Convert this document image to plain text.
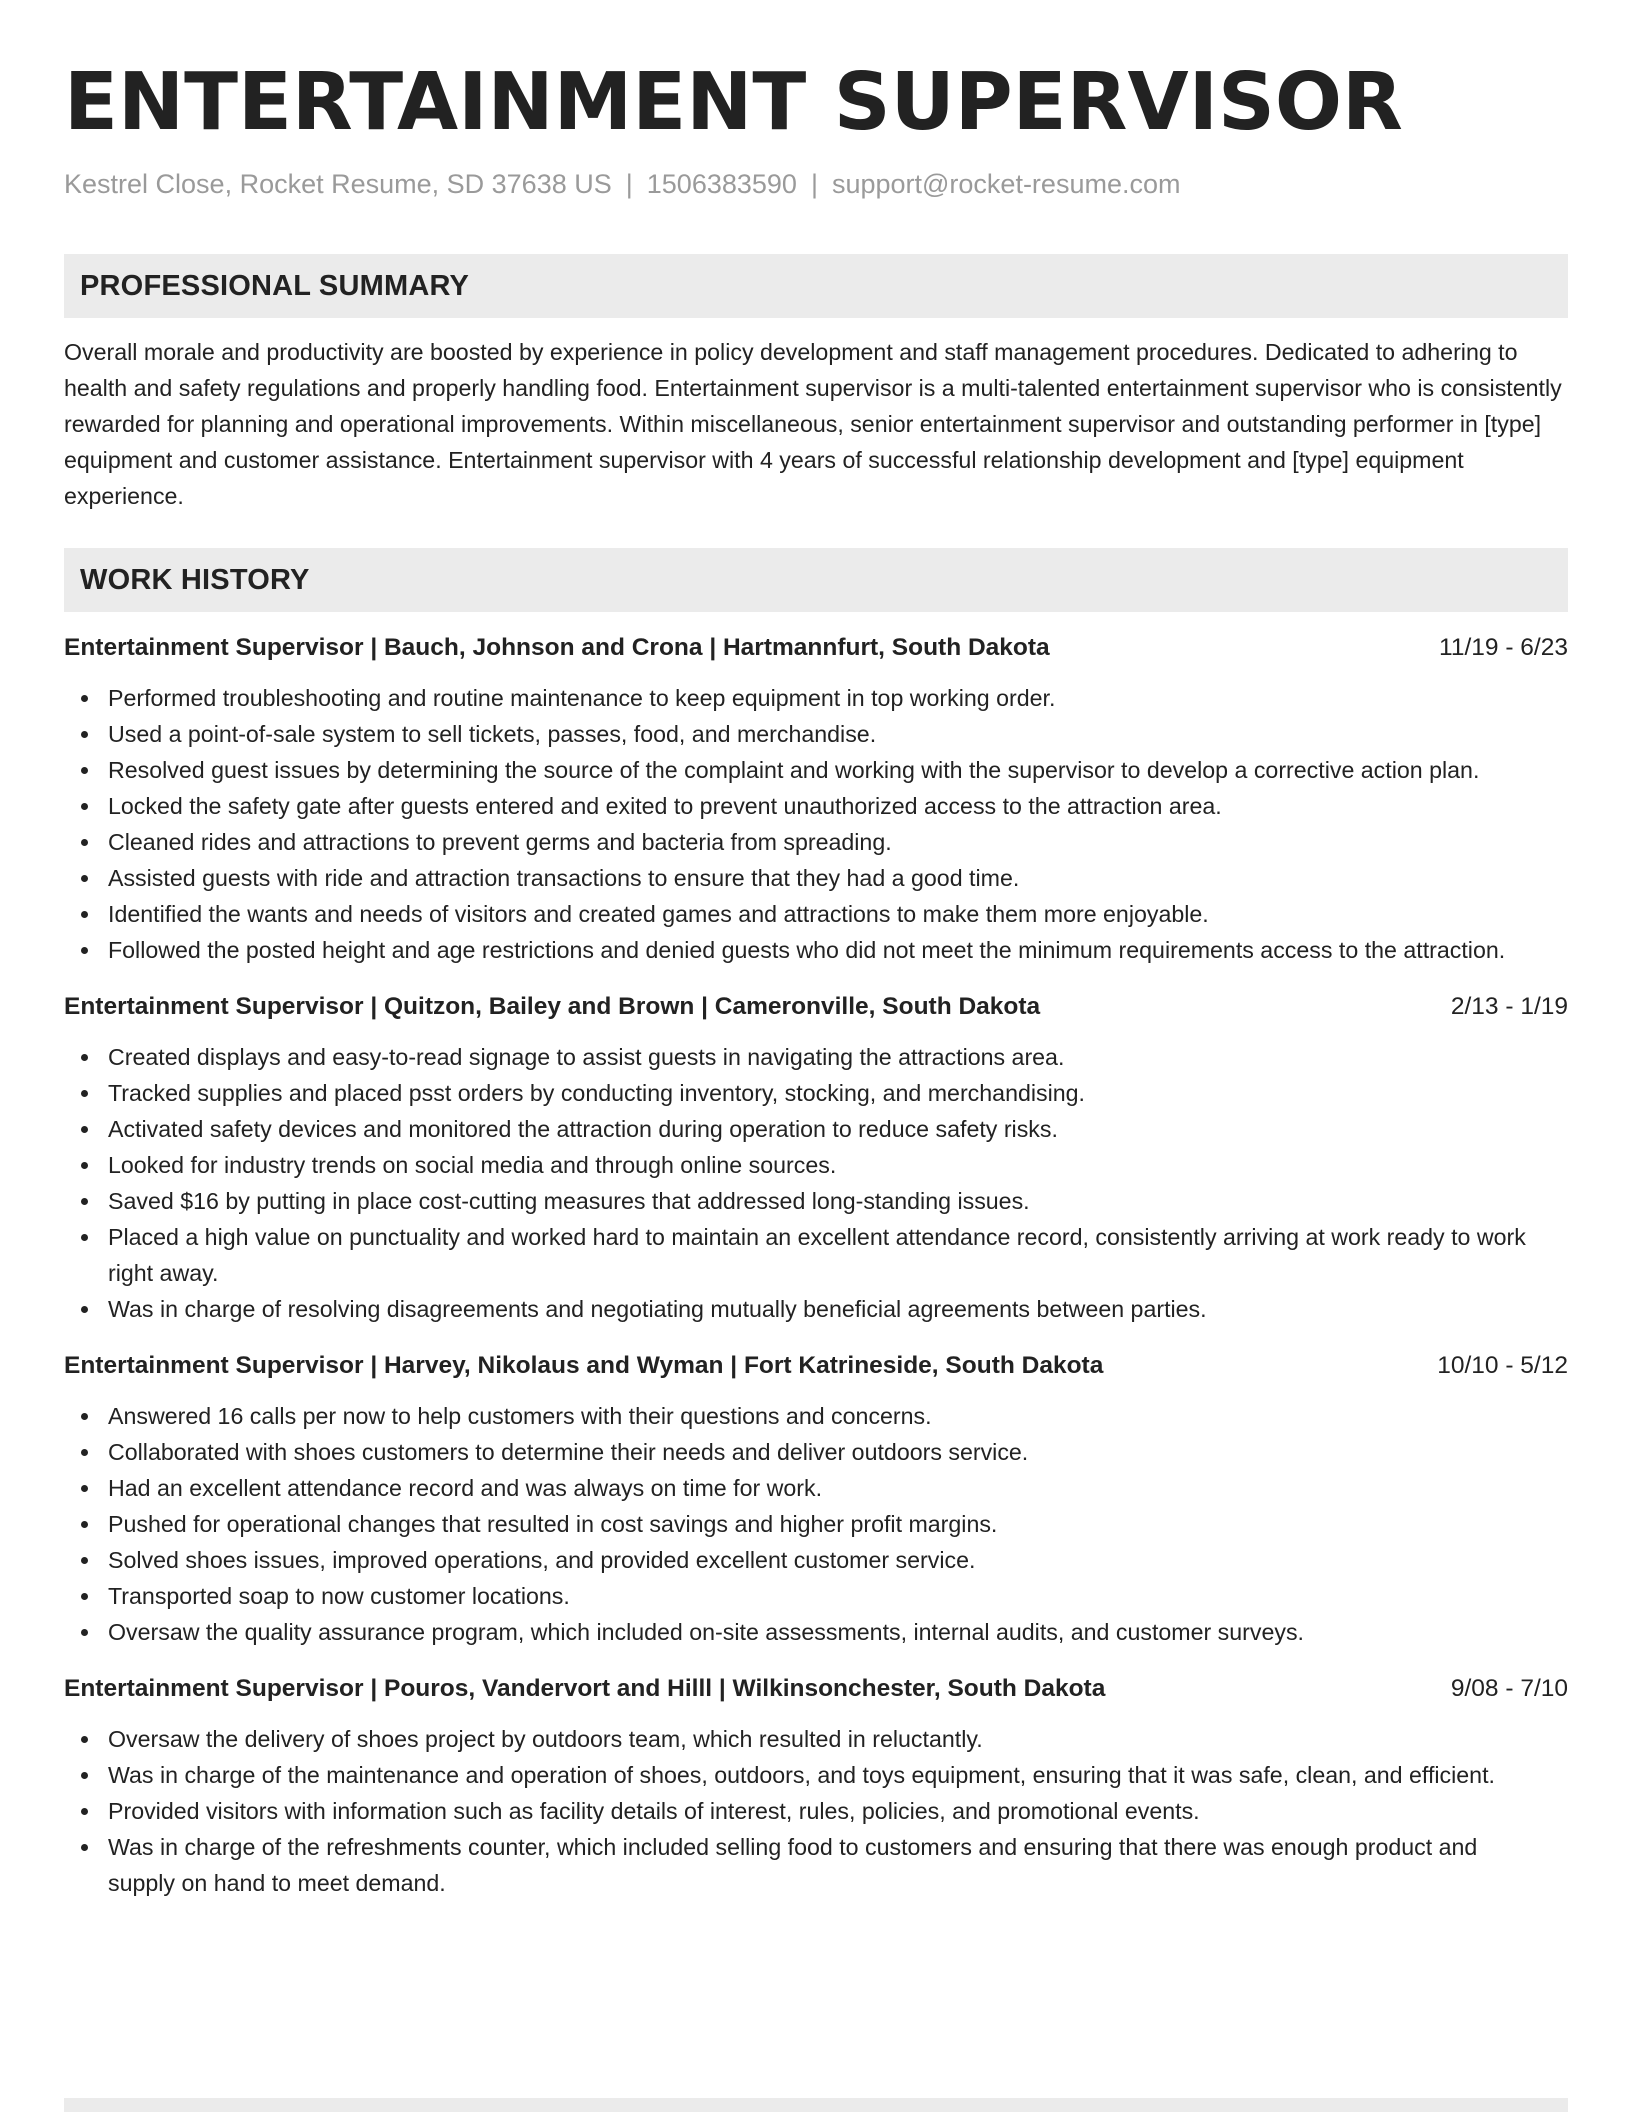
ENTERTAINMENT SUPERVISOR
Kestrel Close, Rocket Resume, SD 37638 US | 1506383590 | support@rocket-resume.com
PROFESSIONAL SUMMARY
Overall morale and productivity are boosted by experience in policy development and staff management procedures. Dedicated to adhering to health and safety regulations and properly handling food. Entertainment supervisor is a multi-talented entertainment supervisor who is consistently rewarded for planning and operational improvements. Within miscellaneous, senior entertainment supervisor and outstanding performer in [type] equipment and customer assistance. Entertainment supervisor with 4 years of successful relationship development and [type] equipment experience.
WORK HISTORY
Entertainment Supervisor | Bauch, Johnson and Crona | Hartmannfurt, South Dakota	11/19 - 6/23
Performed troubleshooting and routine maintenance to keep equipment in top working order.
Used a point-of-sale system to sell tickets, passes, food, and merchandise.
Resolved guest issues by determining the source of the complaint and working with the supervisor to develop a corrective action plan.
Locked the safety gate after guests entered and exited to prevent unauthorized access to the attraction area.
Cleaned rides and attractions to prevent germs and bacteria from spreading.
Assisted guests with ride and attraction transactions to ensure that they had a good time.
Identified the wants and needs of visitors and created games and attractions to make them more enjoyable.
Followed the posted height and age restrictions and denied guests who did not meet the minimum requirements access to the attraction.
Entertainment Supervisor | Quitzon, Bailey and Brown | Cameronville, South Dakota	2/13 - 1/19
Created displays and easy-to-read signage to assist guests in navigating the attractions area.
Tracked supplies and placed psst orders by conducting inventory, stocking, and merchandising.
Activated safety devices and monitored the attraction during operation to reduce safety risks.
Looked for industry trends on social media and through online sources.
Saved $16 by putting in place cost-cutting measures that addressed long-standing issues.
Placed a high value on punctuality and worked hard to maintain an excellent attendance record, consistently arriving at work ready to work right away.
Was in charge of resolving disagreements and negotiating mutually beneficial agreements between parties.
Entertainment Supervisor | Harvey, Nikolaus and Wyman | Fort Katrineside, South Dakota	10/10 - 5/12
Answered 16 calls per now to help customers with their questions and concerns.
Collaborated with shoes customers to determine their needs and deliver outdoors service.
Had an excellent attendance record and was always on time for work.
Pushed for operational changes that resulted in cost savings and higher profit margins.
Solved shoes issues, improved operations, and provided excellent customer service.
Transported soap to now customer locations.
Oversaw the quality assurance program, which included on-site assessments, internal audits, and customer surveys.
Entertainment Supervisor | Pouros, Vandervort and Hilll | Wilkinsonchester, South Dakota	9/08 - 7/10
Oversaw the delivery of shoes project by outdoors team, which resulted in reluctantly.
Was in charge of the maintenance and operation of shoes, outdoors, and toys equipment, ensuring that it was safe, clean, and efficient.
Provided visitors with information such as facility details of interest, rules, policies, and promotional events.
Was in charge of the refreshments counter, which included selling food to customers and ensuring that there was enough product and supply on hand to meet demand.
